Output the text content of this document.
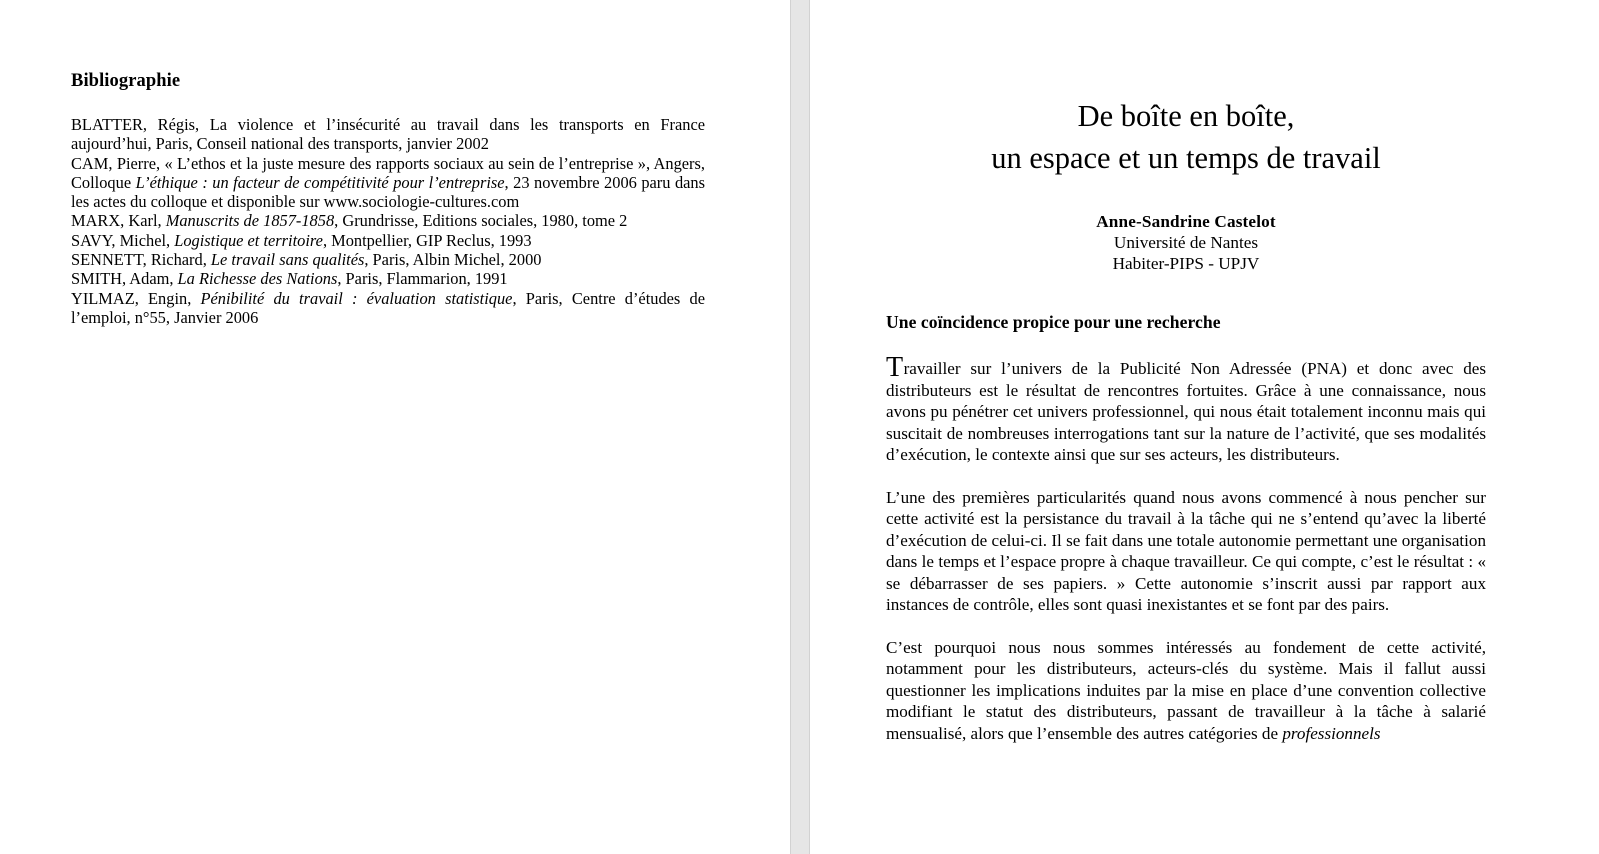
Bibliographie

BLATTER, Régis, La violence et l’insécurité au travail dans les transports en France aujourd’hui, Paris, Conseil national des transports, janvier 2002

CAM, Pierre, « L’ethos et la juste mesure des rapports sociaux au sein de l’entreprise », Angers, Colloque L’éthique : un facteur de compétitivité pour l’entreprise, 23 novembre 2006 paru dans les actes du colloque et disponible sur www.sociologie-cultures.com

MARX, Karl, Manuscrits de 1857-1858, Grundrisse, Editions sociales, 1980, tome 2

SAVY, Michel, Logistique et territoire, Montpellier, GIP Reclus, 1993

SENNETT, Richard, Le travail sans qualités, Paris, Albin Michel, 2000

SMITH, Adam, La Richesse des Nations, Paris, Flammarion, 1991

YILMAZ, Engin, Pénibilité du travail : évaluation statistique, Paris, Centre d’études de l’emploi, n°55, Janvier 2006

De boîte en boîte,
un espace et un temps de travail
Anne-Sandrine Castelot
Université de Nantes
Habiter-PIPS - UPJV
Une coïncidence propice pour une recherche

Travailler sur l’univers de la Publicité Non Adressée (PNA) et donc avec des distributeurs est le résultat de rencontres fortuites. Grâce à une connaissance, nous avons pu pénétrer cet univers professionnel, qui nous était totalement inconnu mais qui suscitait de nombreuses interrogations tant sur la nature de l’activité, que ses modalités d’exécution, le contexte ainsi que sur ses acteurs, les distributeurs.

L’une des premières particularités quand nous avons commencé à nous pencher sur cette activité est la persistance du travail à la tâche qui ne s’entend qu’avec la liberté d’exécution de celui-ci. Il se fait dans une totale autonomie permettant une organisation dans le temps et l’espace propre à chaque travailleur. Ce qui compte, c’est le résultat : « se débarrasser de ses papiers. » Cette autonomie s’inscrit aussi par rapport aux instances de contrôle, elles sont quasi inexistantes et se font par des pairs.

C’est pourquoi nous nous sommes intéressés au fondement de cette activité, notamment pour les distributeurs, acteurs-clés du système. Mais il fallut aussi questionner les implications induites par la mise en place d’une convention collective modifiant le statut des distributeurs, passant de travailleur à la tâche à salarié mensualisé, alors que l’ensemble des autres catégories de professionnels
